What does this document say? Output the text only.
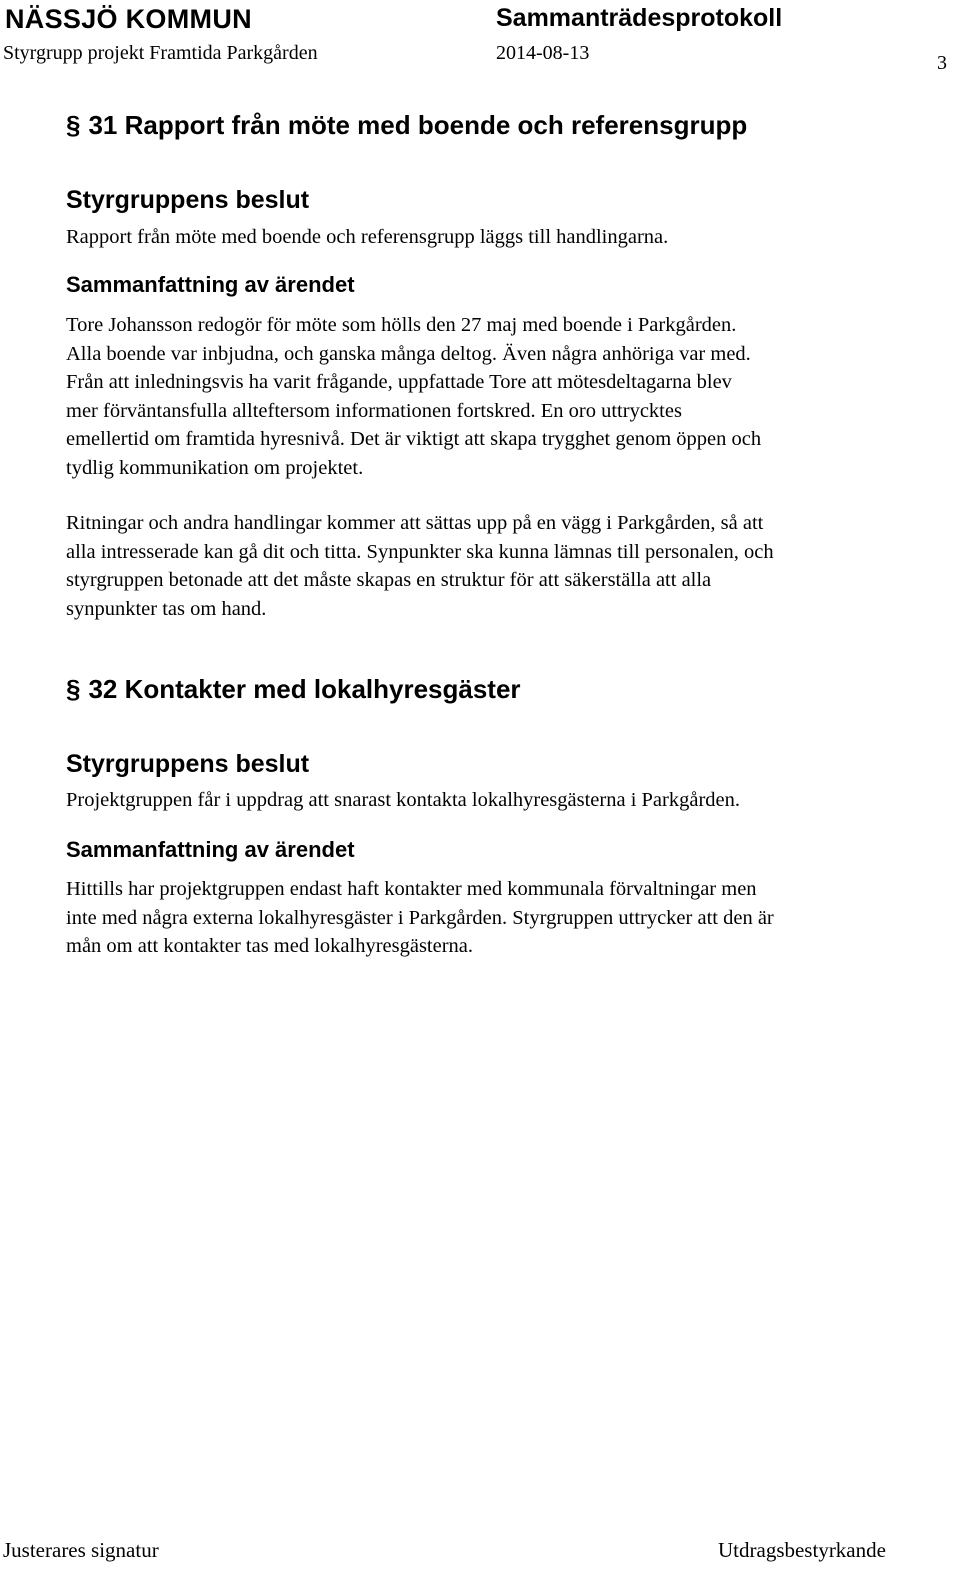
NÄSSJÖ KOMMUN	Sammanträdesprotokoll
Styrgrupp projekt Framtida Parkgården	2014-08-13	3
§ 31 Rapport från möte med boende och referensgrupp
Styrgruppens beslut
Rapport från möte med boende och referensgrupp läggs till handlingarna.
Sammanfattning av ärendet
Tore Johansson redogör för möte som hölls den 27 maj med boende i Parkgården.
Alla boende var inbjudna, och ganska många deltog. Även några anhöriga var med.
Från att inledningsvis ha varit frågande, uppfattade Tore att mötesdeltagarna blev
mer förväntansfulla allteftersom informationen fortskred. En oro uttrycktes
emellertid om framtida hyresnivå. Det är viktigt att skapa trygghet genom öppen och
tydlig kommunikation om projektet.
Ritningar och andra handlingar kommer att sättas upp på en vägg i Parkgården, så att
alla intresserade kan gå dit och titta. Synpunkter ska kunna lämnas till personalen, och
styrgruppen betonade att det måste skapas en struktur för att säkerställa att alla
synpunkter tas om hand.
§ 32 Kontakter med lokalhyresgäster
Styrgruppens beslut
Projektgruppen får i uppdrag att snarast kontakta lokalhyresgästerna i Parkgården.
Sammanfattning av ärendet
Hittills har projektgruppen endast haft kontakter med kommunala förvaltningar men
inte med några externa lokalhyresgäster i Parkgården. Styrgruppen uttrycker att den är
mån om att kontakter tas med lokalhyresgästerna.
Justerares signatur	Utdragsbestyrkande
